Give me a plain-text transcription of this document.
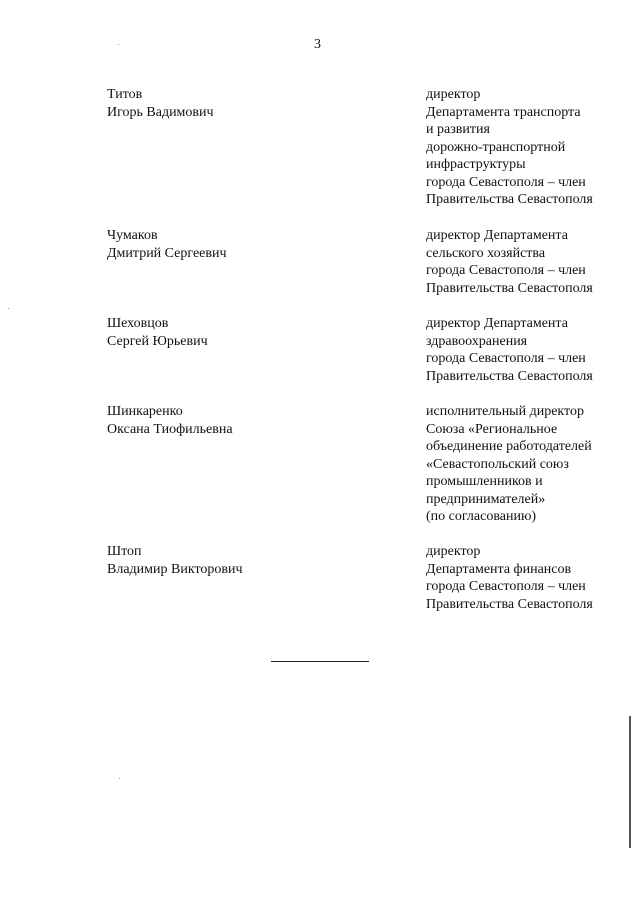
3
Титов
Игорь Вадимович
директор
Департамента транспорта
и развития
дорожно-транспортной
инфраструктуры
города Севастополя – член
Правительства Севастополя
Чумаков
Дмитрий Сергеевич
директор Департамента
сельского хозяйства
города Севастополя – член
Правительства Севастополя
Шеховцов
Сергей Юрьевич
директор Департамента
здравоохранения
города Севастополя – член
Правительства Севастополя
Шинкаренко
Оксана Тиофильевна
исполнительный директор
Союза «Региональное
объединение работодателей
«Севастопольский союз
промышленников и
предпринимателей»
(по согласованию)
Штоп
Владимир Викторович
директор
Департамента финансов
города Севастополя – член
Правительства Севастополя
